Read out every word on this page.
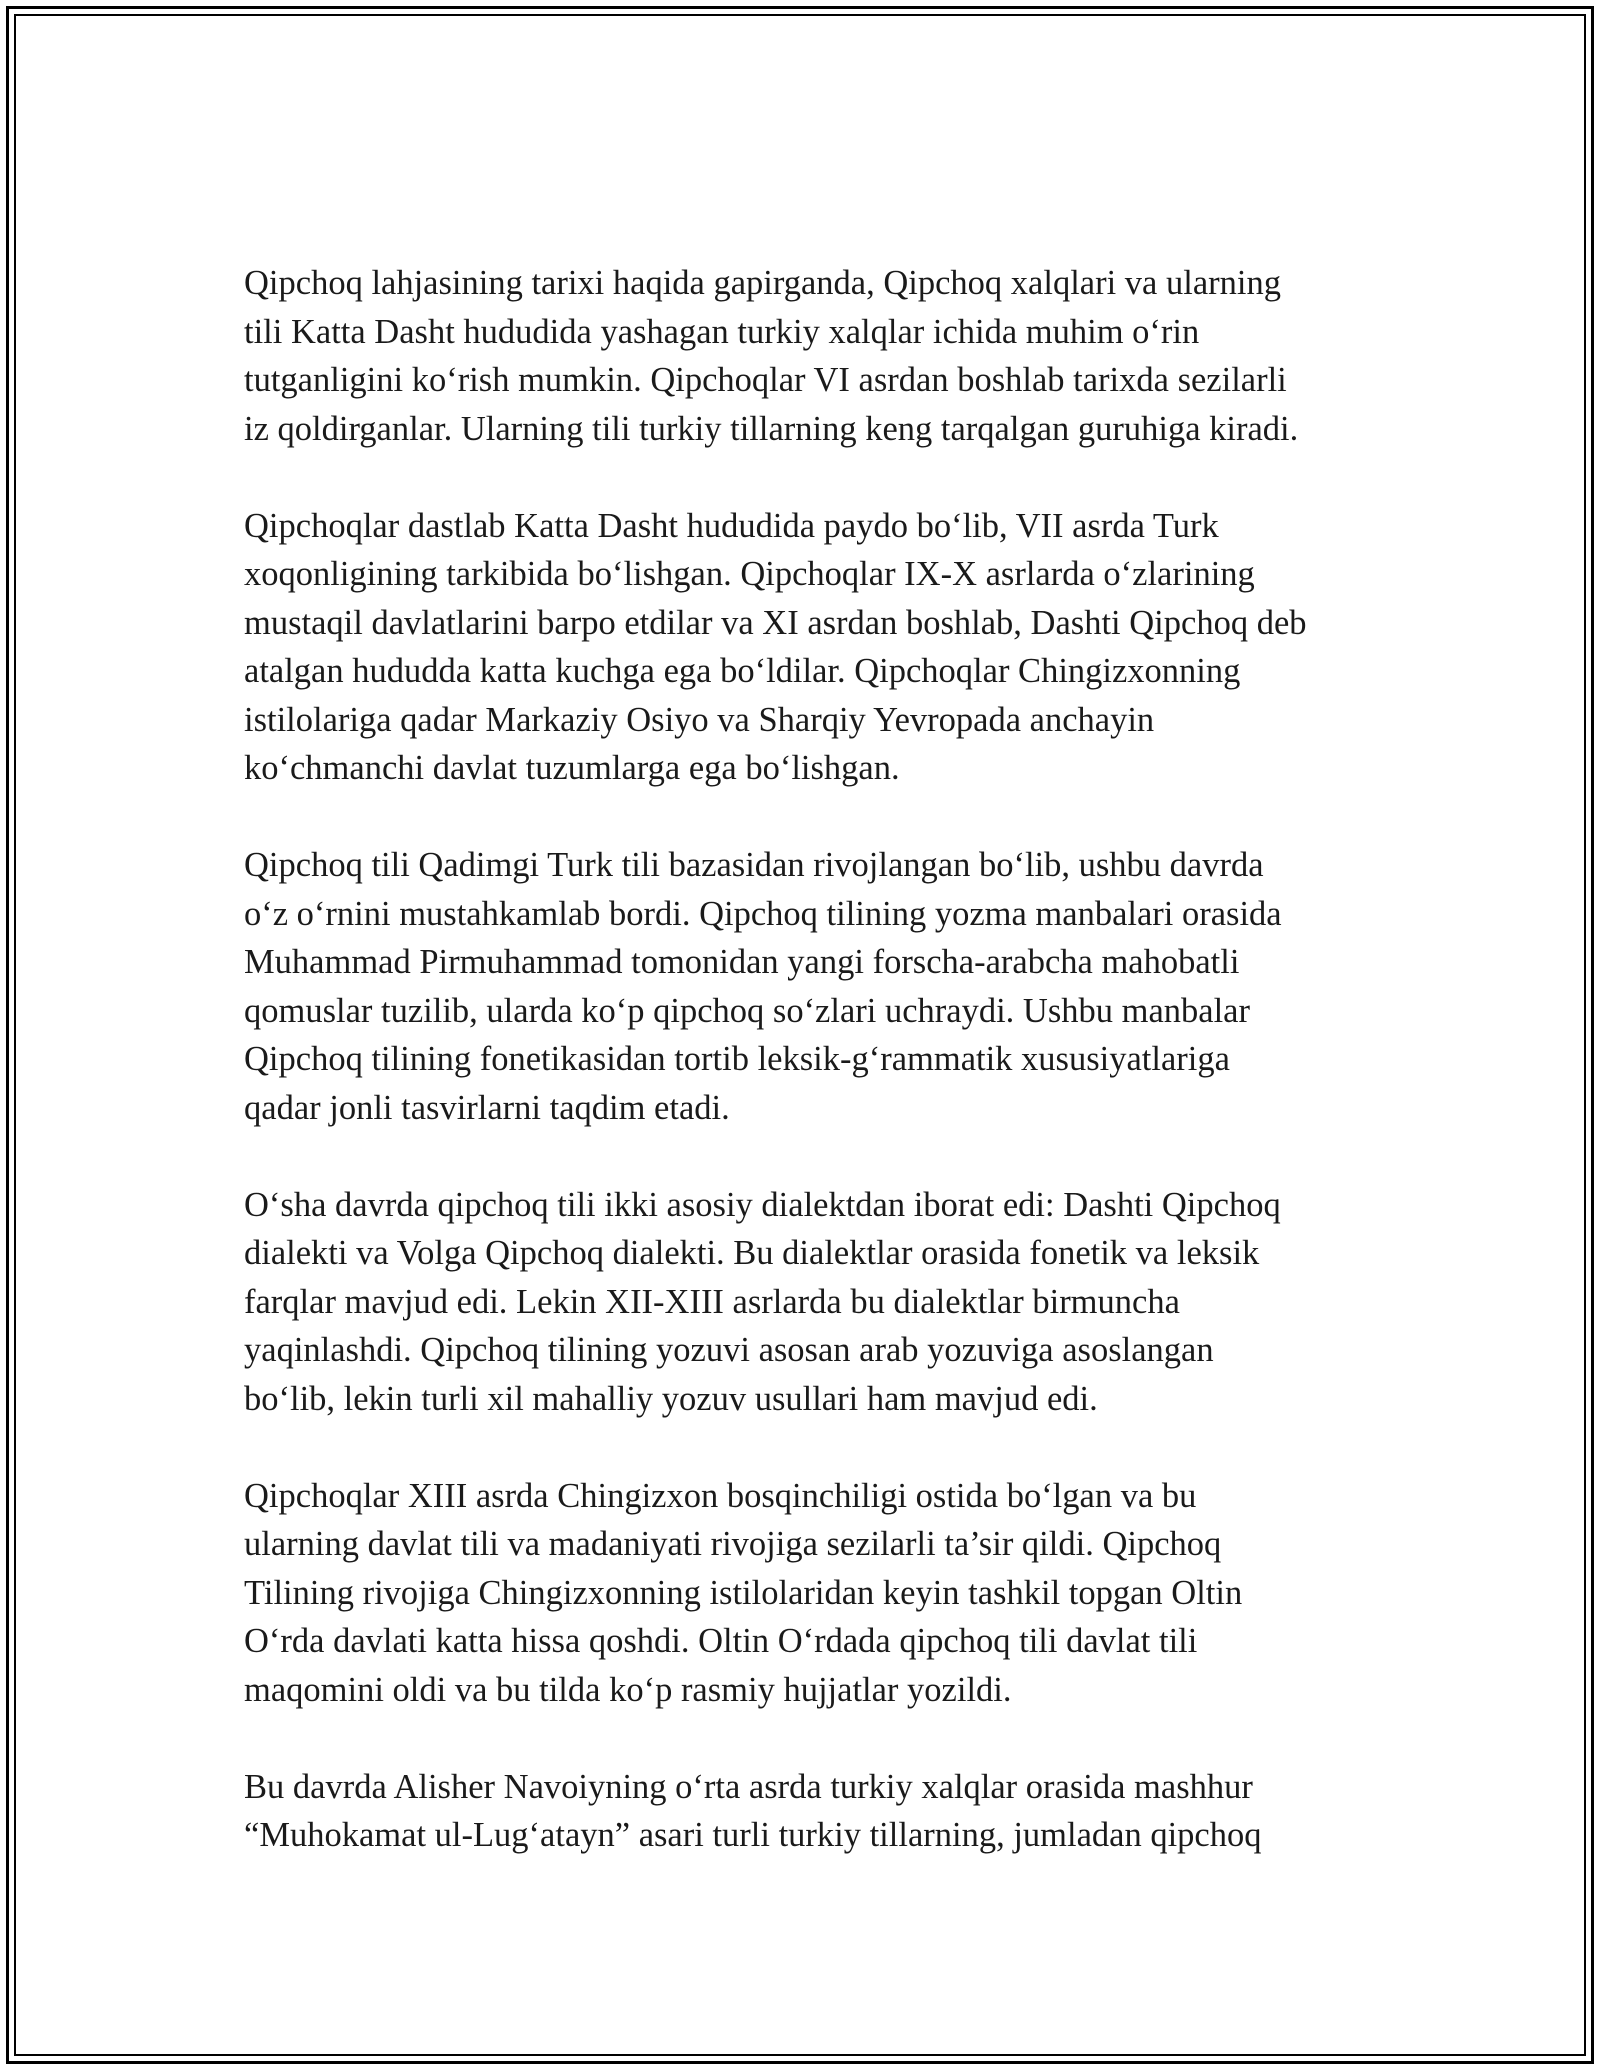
Qipchoq lahjasining tarixi haqida gapirganda, Qipchoq xalqlari va ularning
tili Katta Dasht hududida yashagan turkiy xalqlar ichida muhim o‘rin
tutganligini ko‘rish mumkin. Qipchoqlar VI asrdan boshlab tarixda sezilarli
iz qoldirganlar. Ularning tili turkiy tillarning keng tarqalgan guruhiga kiradi.

Qipchoqlar dastlab Katta Dasht hududida paydo bo‘lib, VII asrda Turk
xoqonligining tarkibida bo‘lishgan. Qipchoqlar IX-X asrlarda o‘zlarining
mustaqil davlatlarini barpo etdilar va XI asrdan boshlab, Dashti Qipchoq deb
atalgan hududda katta kuchga ega bo‘ldilar. Qipchoqlar Chingizxonning
istilolariga qadar Markaziy Osiyo va Sharqiy Yevropada anchayin
ko‘chmanchi davlat tuzumlarga ega bo‘lishgan.

Qipchoq tili Qadimgi Turk tili bazasidan rivojlangan bo‘lib, ushbu davrda
o‘z o‘rnini mustahkamlab bordi. Qipchoq tilining yozma manbalari orasida
Muhammad Pirmuhammad tomonidan yangi forscha-arabcha mahobatli
qomuslar tuzilib, ularda ko‘p qipchoq so‘zlari uchraydi. Ushbu manbalar
Qipchoq tilining fonetikasidan tortib leksik-g‘rammatik xususiyatlariga
qadar jonli tasvirlarni taqdim etadi.

O‘sha davrda qipchoq tili ikki asosiy dialektdan iborat edi: Dashti Qipchoq
dialekti va Volga Qipchoq dialekti. Bu dialektlar orasida fonetik va leksik
farqlar mavjud edi. Lekin XII-XIII asrlarda bu dialektlar birmuncha
yaqinlashdi. Qipchoq tilining yozuvi asosan arab yozuviga asoslangan
bo‘lib, lekin turli xil mahalliy yozuv usullari ham mavjud edi.

Qipchoqlar XIII asrda Chingizxon bosqinchiligi ostida bo‘lgan va bu
ularning davlat tili va madaniyati rivojiga sezilarli ta’sir qildi. Qipchoq
Tilining rivojiga Chingizxonning istilolaridan keyin tashkil topgan Oltin
O‘rda davlati katta hissa qoshdi. Oltin O‘rdada qipchoq tili davlat tili
maqomini oldi va bu tilda ko‘p rasmiy hujjatlar yozildi.

Bu davrda Alisher Navoiyning o‘rta asrda turkiy xalqlar orasida mashhur
“Muhokamat ul-Lug‘atayn” asari turli turkiy tillarning, jumladan qipchoq
